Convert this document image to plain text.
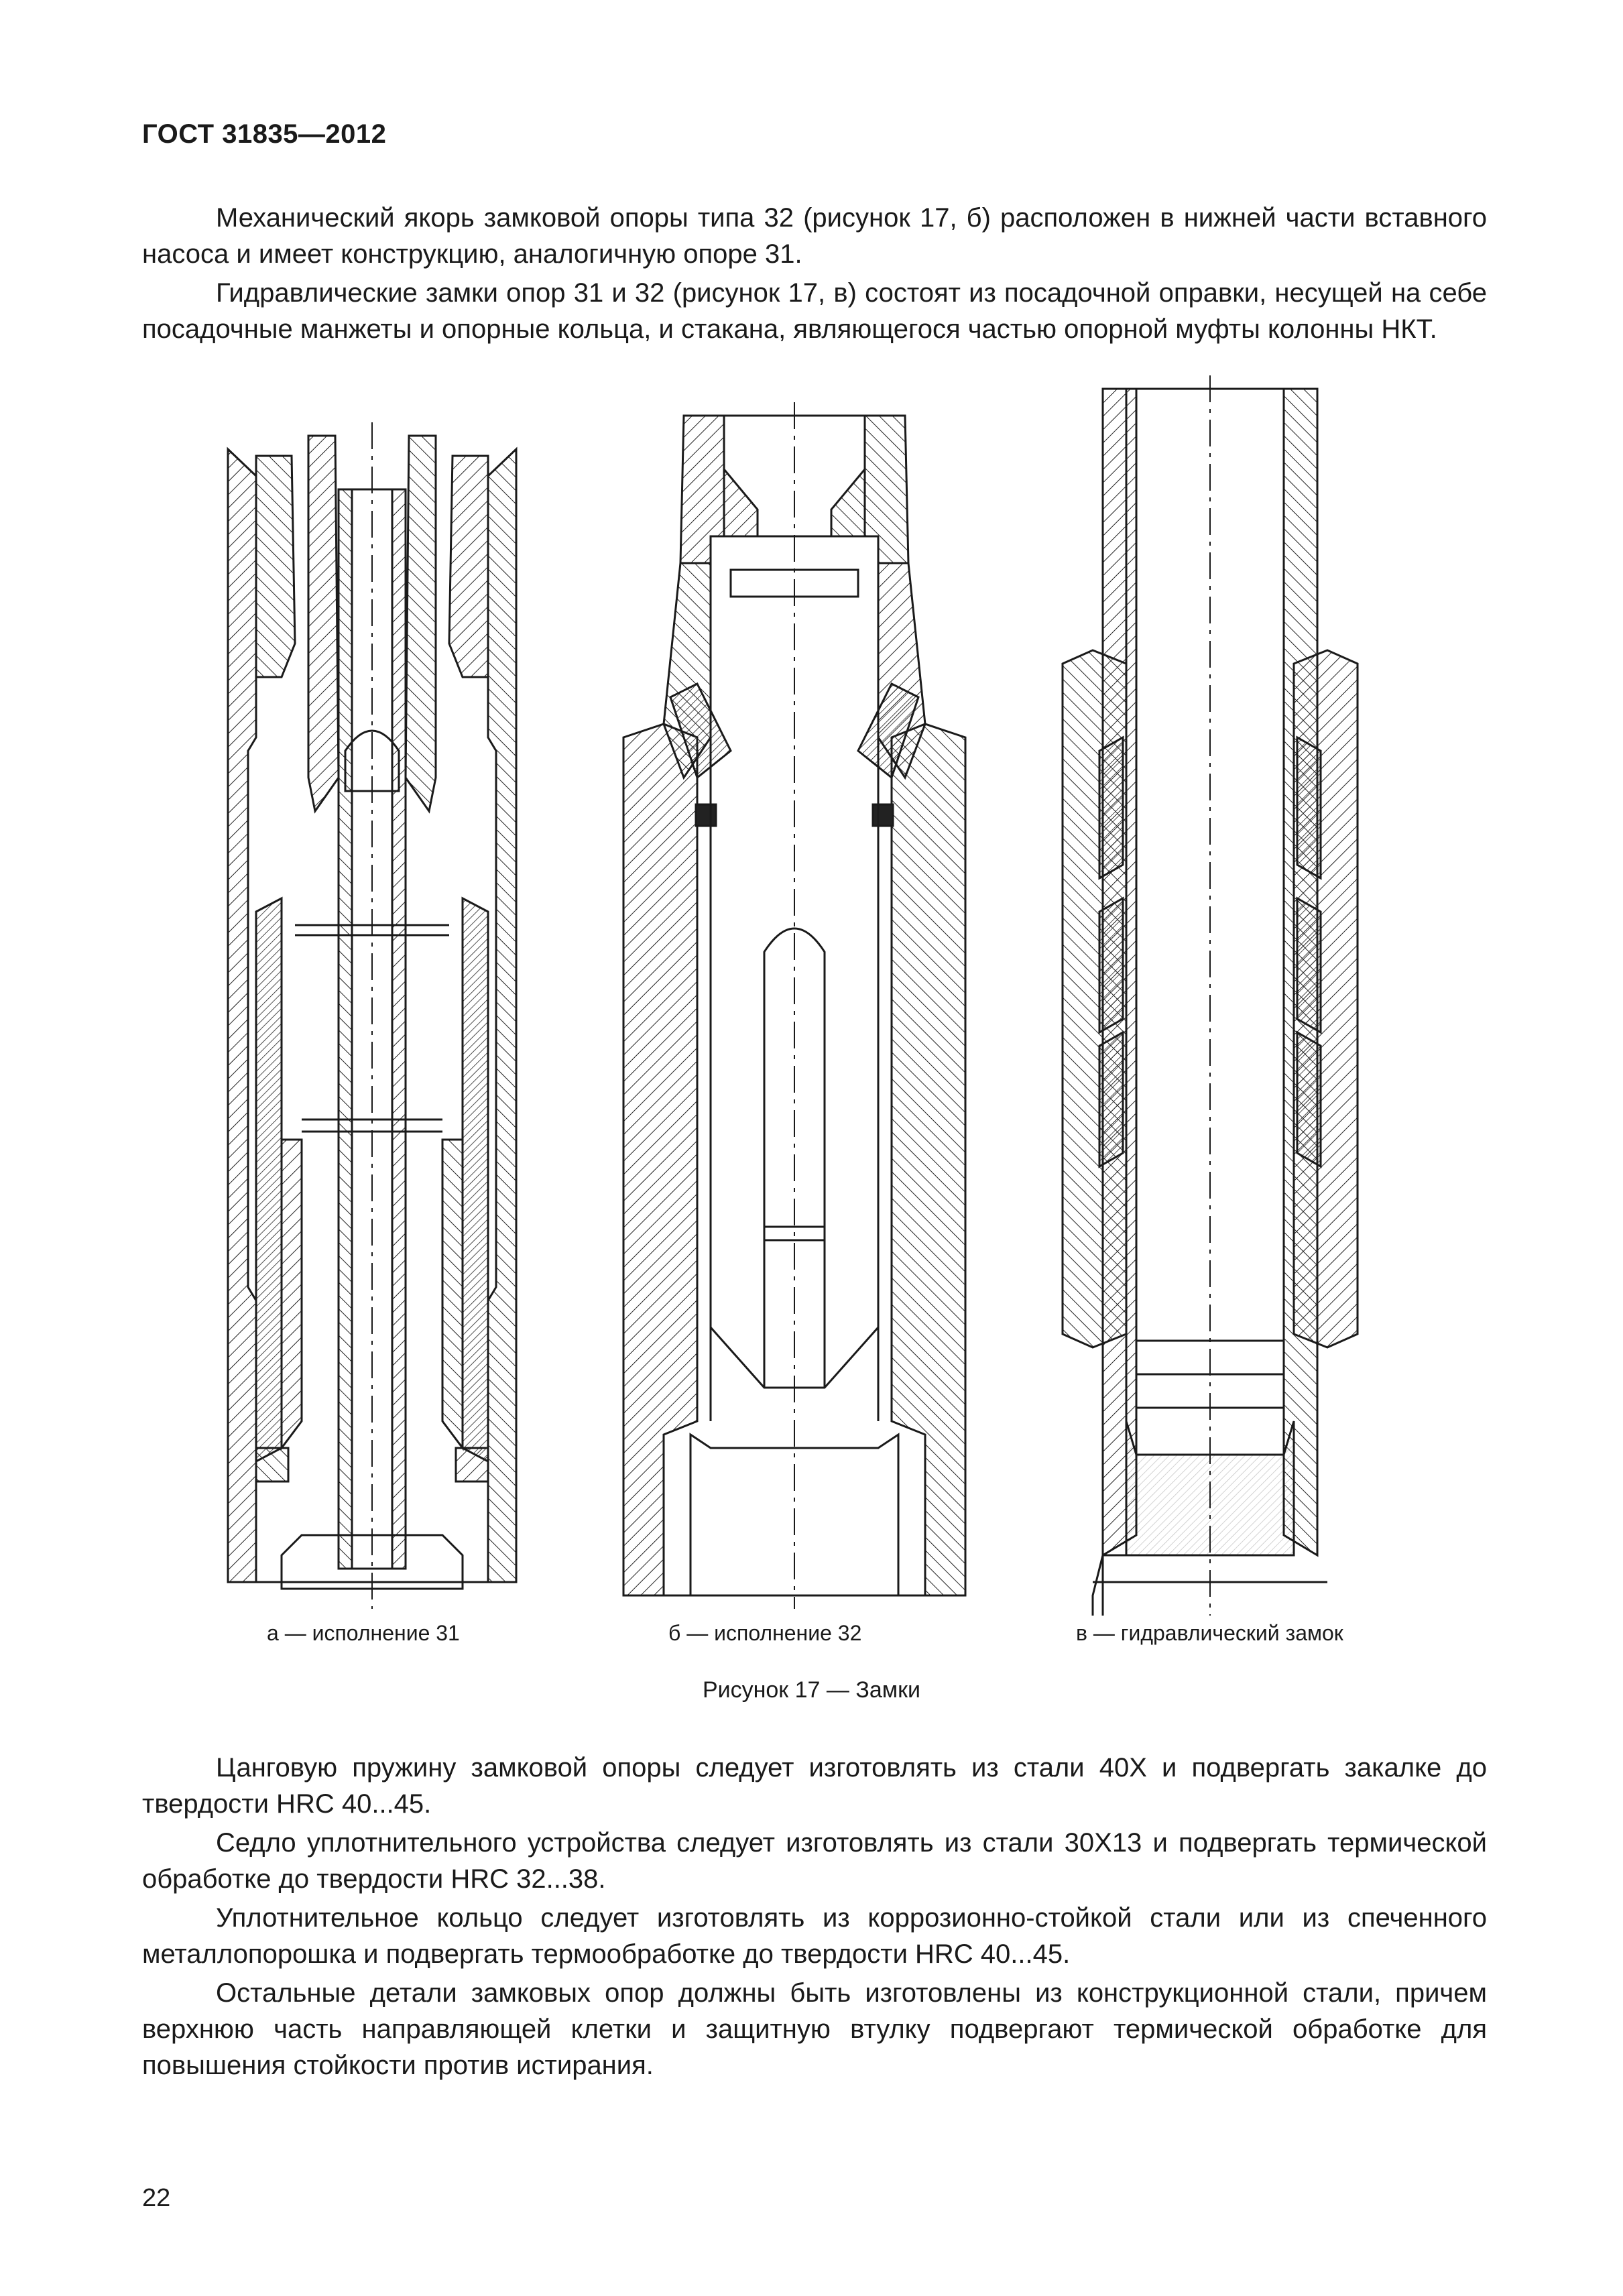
ГОСТ 31835—2012

Механический якорь замковой опоры типа 32 (рисунок 17, б) расположен в нижней части вставного насоса и имеет конструкцию, аналогичную опоре 31.

Гидравлические замки опор 31 и 32 (рисунок 17, в) состоят из посадочной оправки, несущей на себе посадочные манжеты и опорные кольца, и стакана, являющегося частью опорной муфты колонны НКТ.

а — исполнение 31	б — исполнение 32	в — гидравлический замок
Рисунок 17 — Замки

Цанговую пружину замковой опоры следует изготовлять из стали 40Х и подвергать закалке до твердости HRC 40...45.

Седло уплотнительного устройства следует изготовлять из стали 30Х13 и подвергать термической обработке до твердости HRC 32...38.

Уплотнительное кольцо следует изготовлять из коррозионно-стойкой стали или из спеченного металлопорошка и подвергать термообработке до твердости HRC 40...45.

Остальные детали замковых опор должны быть изготовлены из конструкционной стали, причем верхнюю часть направляющей клетки и защитную втулку подвергают термической обработке для повышения стойкости против истирания.

22
